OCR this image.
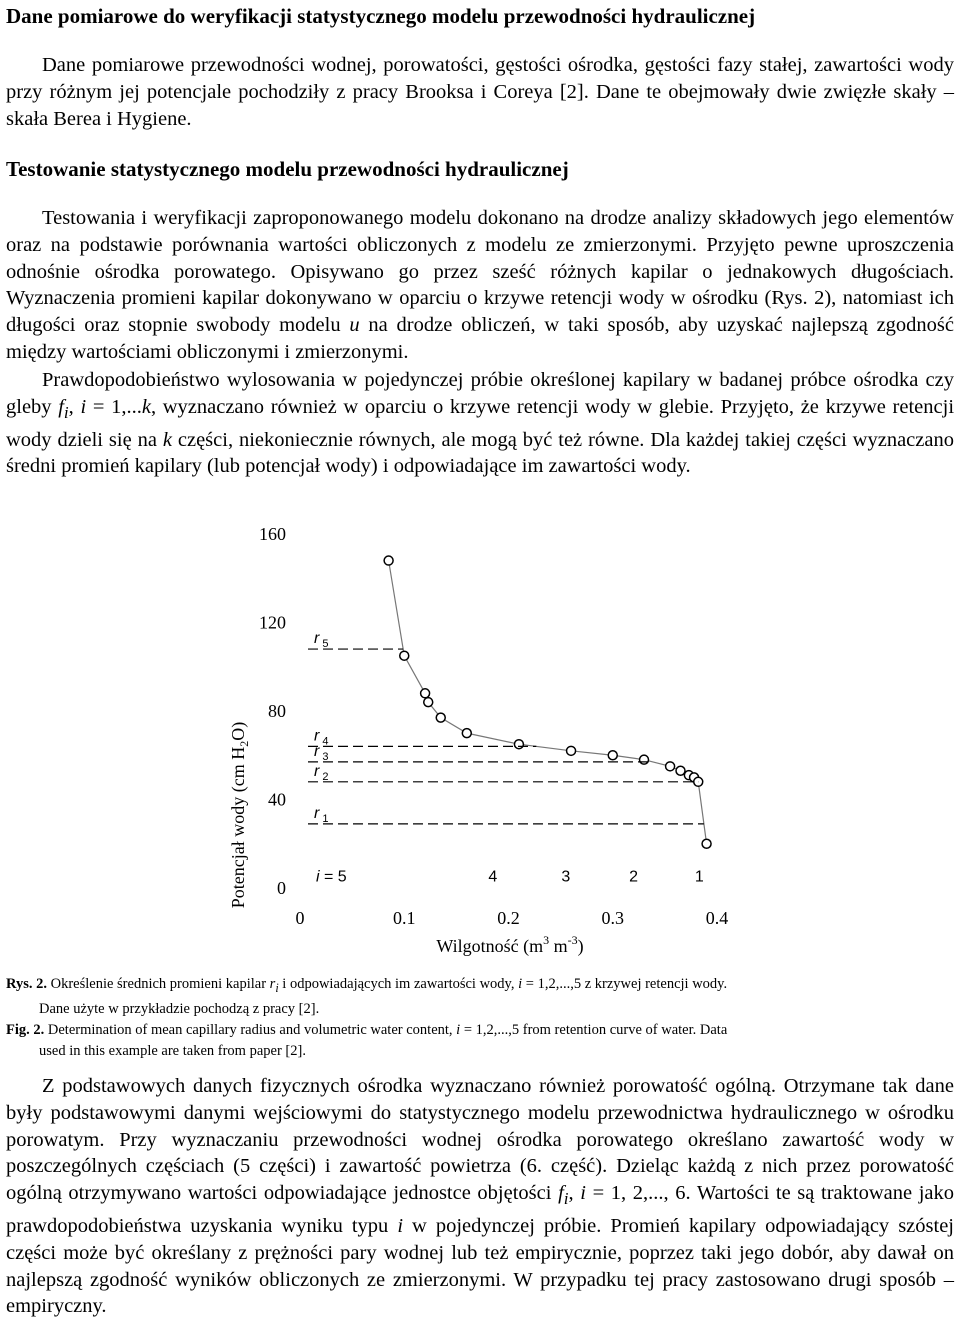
Dane pomiarowe do weryfikacji statystycznego modelu przewodności hydraulicznej
Dane pomiarowe przewodności wodnej, porowatości, gęstości ośrodka, gęstości fazy stałej, zawartości wody przy różnym jej potencjale pochodziły z pracy Brooksa i Coreya [2]. Dane te obejmowały dwie zwięzłe skały – skała Berea i Hygiene.
Testowanie statystycznego modelu przewodności hydraulicznej
Testowania i weryfikacji zaproponowanego modelu dokonano na drodze analizy składowych jego elementów oraz na podstawie porównania wartości obliczonych z modelu ze zmierzonymi. Przyjęto pewne uproszczenia odnośnie ośrodka porowatego. Opisywano go przez sześć różnych kapilar o jednakowych długościach. Wyznaczenia promieni kapilar dokonywano w oparciu o krzywe retencji wody w ośrodku (Rys. 2), natomiast ich długości oraz stopnie swobody modelu u na drodze obliczeń, w taki sposób, aby uzyskać najlepszą zgodność między wartościami obliczonymi i zmierzonymi.
Prawdopodobieństwo wylosowania w pojedynczej próbie określonej kapilary w badanej próbce ośrodka czy gleby $f_i$, i = 1,...k, wyznaczano również w oparciu o krzywe retencji wody w glebie. Przyjęto, że krzywe retencji wody dzieli się na k części, niekoniecznie równych, ale mogą być też równe. Dla każdej takiej części wyznaczano średni promień kapilary (lub potencjał wody) i odpowiadające im zawartości wody.
0
40
80
120
160
0	0.1	0.2	0.3	0.4
Potencjał wody (cm $H_2O$)
Wilgotność ($m^3$ $m^{-3}$)
r $_5$
r $_4$
r $_3$
r $_2$
r $_1$
i = 5	4	3	2	1
Rys. 2. Określenie średnich promieni kapilar $r_i$ i odpowiadających im zawartości wody, i = 1,2,...,5 z krzywej retencji wody.
Dane użyte w przykładzie pochodzą z pracy [2].
Fig. 2. Determination of mean capillary radius and volumetric water content, i = 1,2,...,5 from retention curve of water. Data
used in this example are taken from paper [2].
Z podstawowych danych fizycznych ośrodka wyznaczano również porowatość ogólną. Otrzymane tak dane były podstawowymi danymi wejściowymi do statystycznego modelu przewodnictwa hydraulicznego w ośrodku porowatym. Przy wyznaczaniu przewodności wodnej ośrodka porowatego określano zawartość wody w poszczególnych częściach (5 części) i zawartość powietrza (6. część). Dzieląc każdą z nich przez porowatość ogólną otrzymywano wartości odpowiadające jednostce objętości $f_i$, i = 1, 2,..., 6. Wartości te są traktowane jako prawdopodobieństwa uzyskania wyniku typu i w pojedynczej próbie. Promień kapilary odpowiadający szóstej części może być określany z prężności pary wodnej lub też empirycznie, poprzez taki jego dobór, aby dawał on najlepszą zgodność wyników obliczonych ze zmierzonymi. W przypadku tej pracy zastosowano drugi sposób – empiryczny.
